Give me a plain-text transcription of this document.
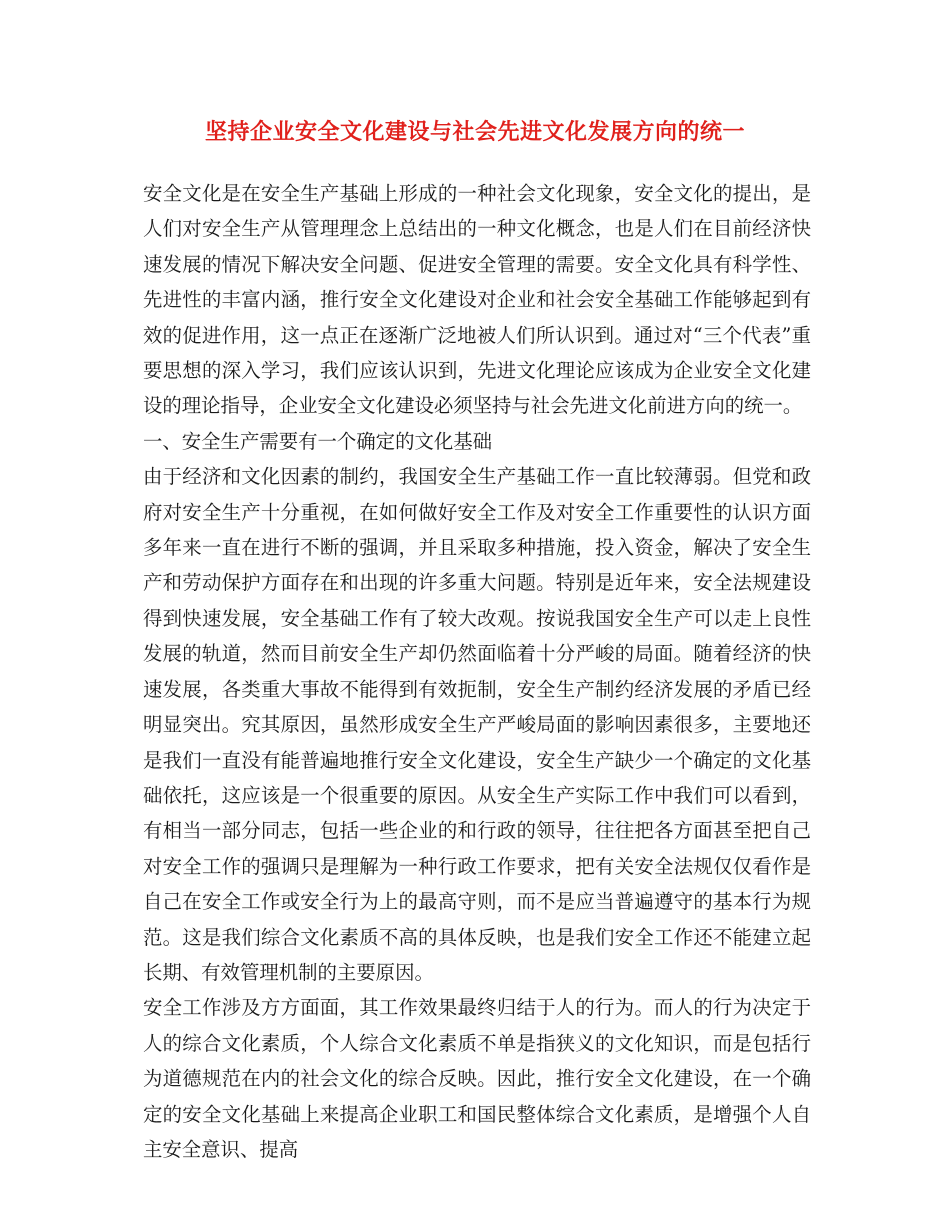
坚持企业安全文化建设与社会先进文化发展方向的统一

安全文化是在安全生产基础上形成的一种社会文化现象，安全文化的提出，是人们对安全生产从管理理念上总结出的一种文化概念，也是人们在目前经济快速发展的情况下解决安全问题、促进安全管理的需要。安全文化具有科学性、先进性的丰富内涵，推行安全文化建设对企业和社会安全基础工作能够起到有效的促进作用，这一点正在逐渐广泛地被人们所认识到。通过对“三个代表”重要思想的深入学习，我们应该认识到，先进文化理论应该成为企业安全文化建设的理论指导，企业安全文化建设必须坚持与社会先进文化前进方向的统一。

一、安全生产需要有一个确定的文化基础

由于经济和文化因素的制约，我国安全生产基础工作一直比较薄弱。但党和政府对安全生产十分重视，在如何做好安全工作及对安全工作重要性的认识方面多年来一直在进行不断的强调，并且采取多种措施，投入资金，解决了安全生产和劳动保护方面存在和出现的许多重大问题。特别是近年来，安全法规建设得到快速发展，安全基础工作有了较大改观。按说我国安全生产可以走上良性发展的轨道，然而目前安全生产却仍然面临着十分严峻的局面。随着经济的快速发展，各类重大事故不能得到有效扼制，安全生产制约经济发展的矛盾已经明显突出。究其原因，虽然形成安全生产严峻局面的影响因素很多，主要地还是我们一直没有能普遍地推行安全文化建设，安全生产缺少一个确定的文化基础依托，这应该是一个很重要的原因。从安全生产实际工作中我们可以看到，有相当一部分同志，包括一些企业的和行政的领导，往往把各方面甚至把自己对安全工作的强调只是理解为一种行政工作要求，把有关安全法规仅仅看作是自己在安全工作或安全行为上的最高守则，而不是应当普遍遵守的基本行为规范。这是我们综合文化素质不高的具体反映，也是我们安全工作还不能建立起长期、有效管理机制的主要原因。

安全工作涉及方方面面，其工作效果最终归结于人的行为。而人的行为决定于人的综合文化素质，个人综合文化素质不单是指狭义的文化知识，而是包括行为道德规范在内的社会文化的综合反映。因此，推行安全文化建设，在一个确定的安全文化基础上来提高企业职工和国民整体综合文化素质，是增强个人自主安全意识、提高
